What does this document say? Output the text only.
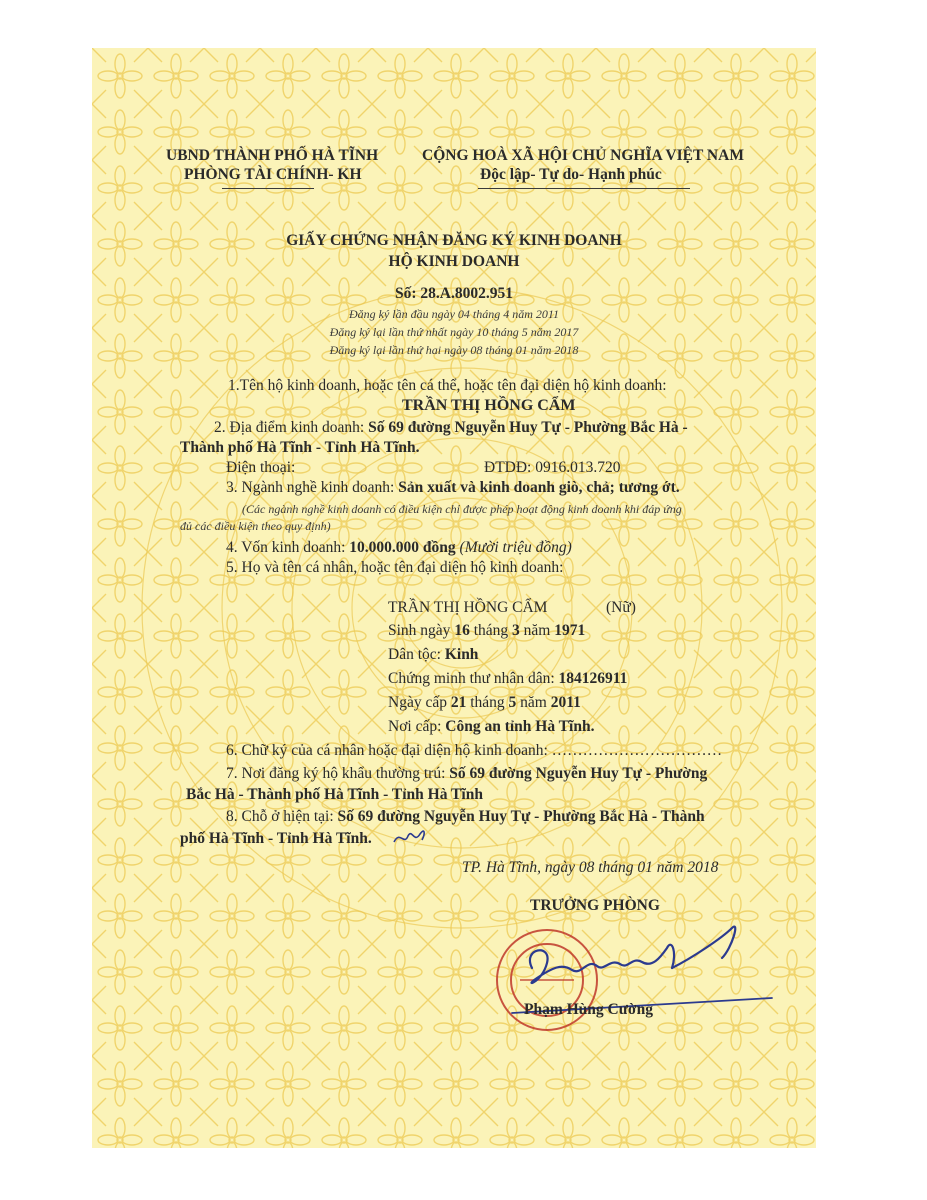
UBND THÀNH PHỐ HÀ TĨNH
PHÒNG TÀI CHÍNH- KH
CỘNG HOÀ XÃ HỘI CHỦ NGHĨA VIỆT NAM
Độc lập- Tự do- Hạnh phúc
GIẤY CHỨNG NHẬN ĐĂNG KÝ KINH DOANH
HỘ KINH DOANH
Số: 28.A.8002.951
Đăng ký lần đầu ngày 04 tháng 4 năm 2011
Đăng ký lại lần thứ nhất ngày 10 tháng 5 năm 2017
Đăng ký lại lần thứ hai ngày 08 tháng 01 năm 2018
1.Tên hộ kinh doanh, hoặc tên cá thể, hoặc tên đại diện hộ kinh doanh:
TRẦN THỊ HỒNG CẨM
2. Địa điểm kinh doanh: Số 69 đường Nguyễn Huy Tự - Phường Bắc Hà -
Thành phố Hà Tĩnh - Tỉnh Hà Tĩnh.
Điện thoại:	ĐTDĐ: 0916.013.720
3. Ngành nghề kinh doanh: Sản xuất và kinh doanh giò, chả; tương ớt.
(Các ngành nghề kinh doanh có điều kiện chỉ được phép hoạt động kinh doanh khi đáp ứng
đủ các điều kiện theo quy định)
4. Vốn kinh doanh: 10.000.000 đồng (Mười triệu đồng)
5. Họ và tên cá nhân, hoặc tên đại diện hộ kinh doanh:
TRẦN THỊ HỒNG CẨM	(Nữ)
Sinh ngày 16 tháng 3 năm 1971
Dân tộc: Kinh
Chứng minh thư nhân dân: 184126911
Ngày cấp 21 tháng 5 năm 2011
Nơi cấp: Công an tỉnh Hà Tĩnh.
6. Chữ ký của cá nhân hoặc đại diện hộ kinh doanh: ……………………………
7. Nơi đăng ký hộ khẩu thường trú: Số 69 đường Nguyễn Huy Tự - Phường
Bắc Hà - Thành phố Hà Tĩnh - Tỉnh Hà Tĩnh
8. Chỗ ở hiện tại: Số 69 đường Nguyễn Huy Tự - Phường Bắc Hà - Thành
phố Hà Tĩnh - Tỉnh Hà Tĩnh.
TP. Hà Tĩnh, ngày 08 tháng 01 năm 2018
TRƯỞNG PHÒNG
Phạm Hùng Cường
